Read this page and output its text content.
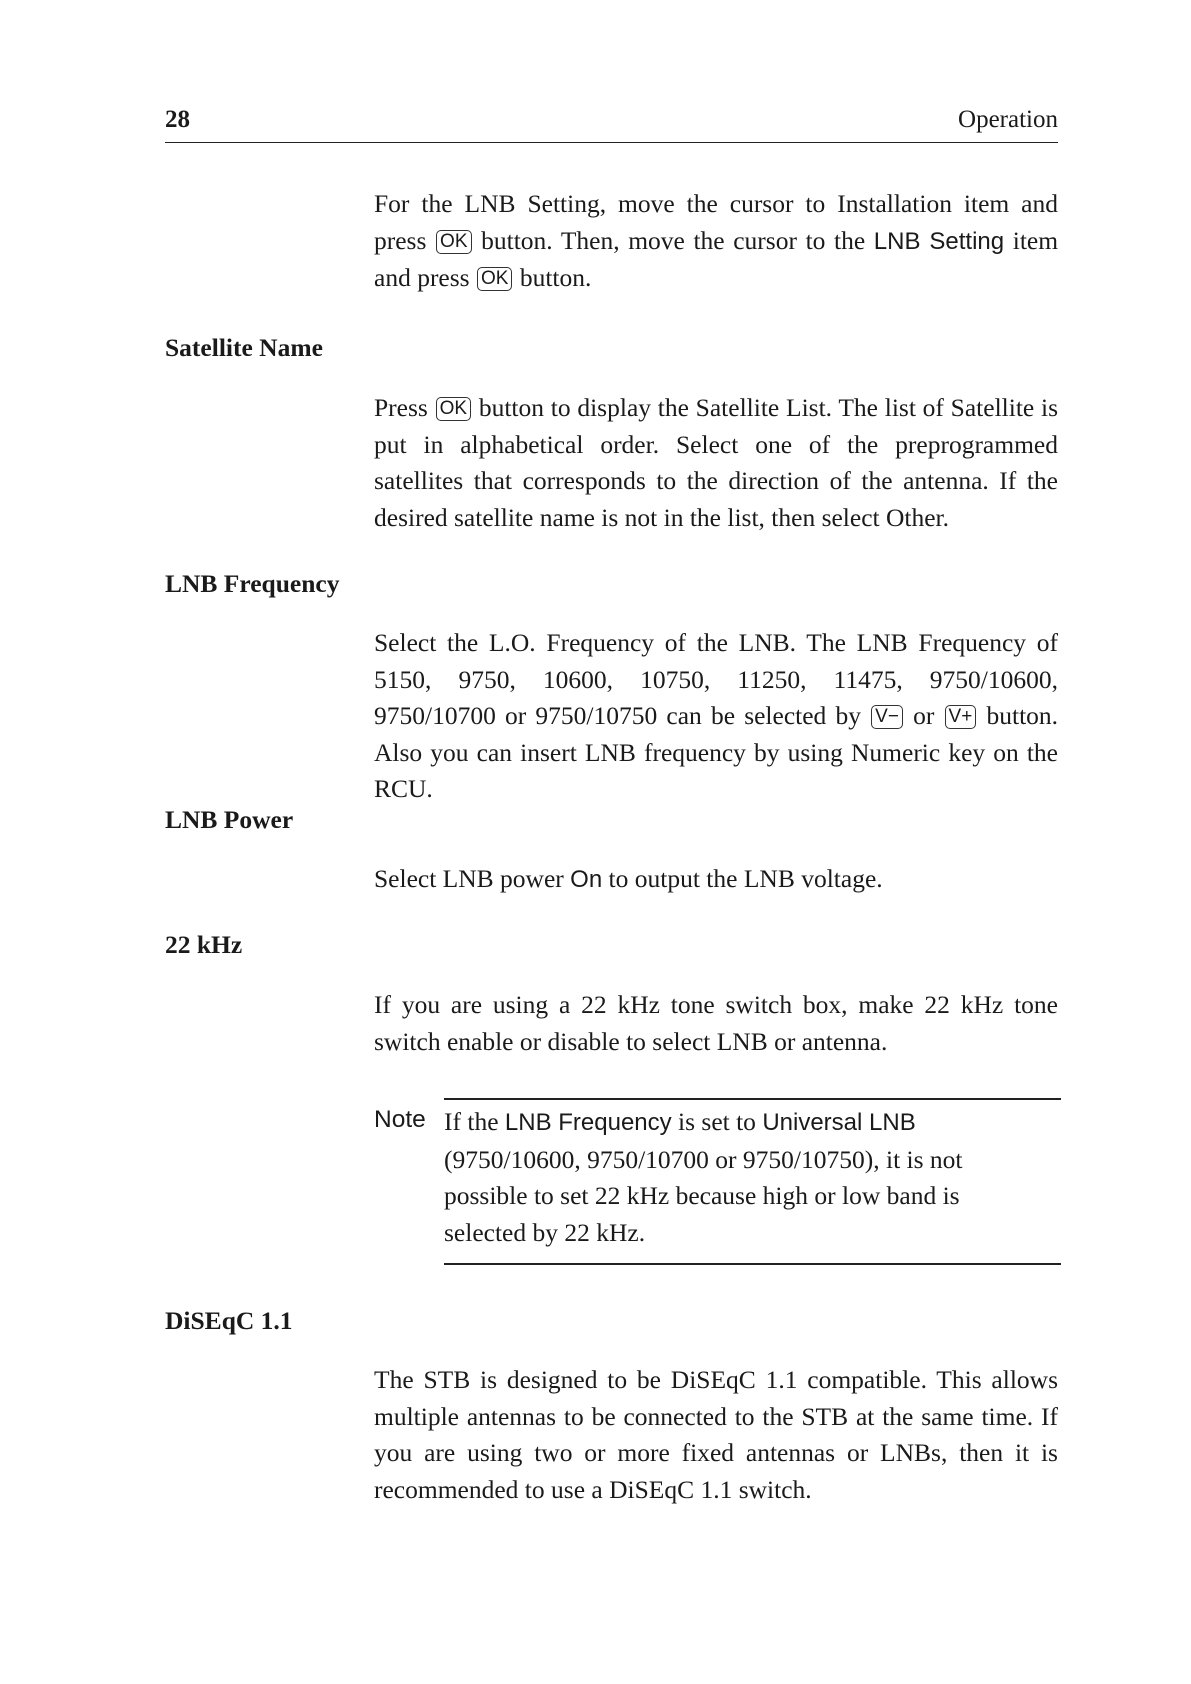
28	Operation
For the LNB Setting, move the cursor to Installation item and press OK button. Then, move the cursor to the LNB Setting item and press OK button.
Satellite Name
Press OK button to display the Satellite List. The list of Satellite is put in alphabetical order. Select one of the preprogrammed satellites that corresponds to the direction of the antenna. If the desired satellite name is not in the list, then select Other.
LNB Frequency
Select the L.O. Frequency of the LNB. The LNB Frequency of 5150, 9750, 10600, 10750, 11250, 11475, 9750/10600, 9750/10700 or 9750/10750 can be selected by V− or V+ button. Also you can insert LNB frequency by using Numeric key on the RCU.
LNB Power
Select LNB power On to output the LNB voltage.
22 kHz
If you are using a 22 kHz tone switch box, make 22 kHz tone switch enable or disable to select LNB or antenna.
Note If the LNB Frequency is set to Universal LNB (9750/10600, 9750/10700 or 9750/10750), it is not possible to set 22 kHz because high or low band is selected by 22 kHz.
DiSEqC 1.1
The STB is designed to be DiSEqC 1.1 compatible. This allows multiple antennas to be connected to the STB at the same time. If you are using two or more fixed antennas or LNBs, then it is recommended to use a DiSEqC 1.1 switch.
